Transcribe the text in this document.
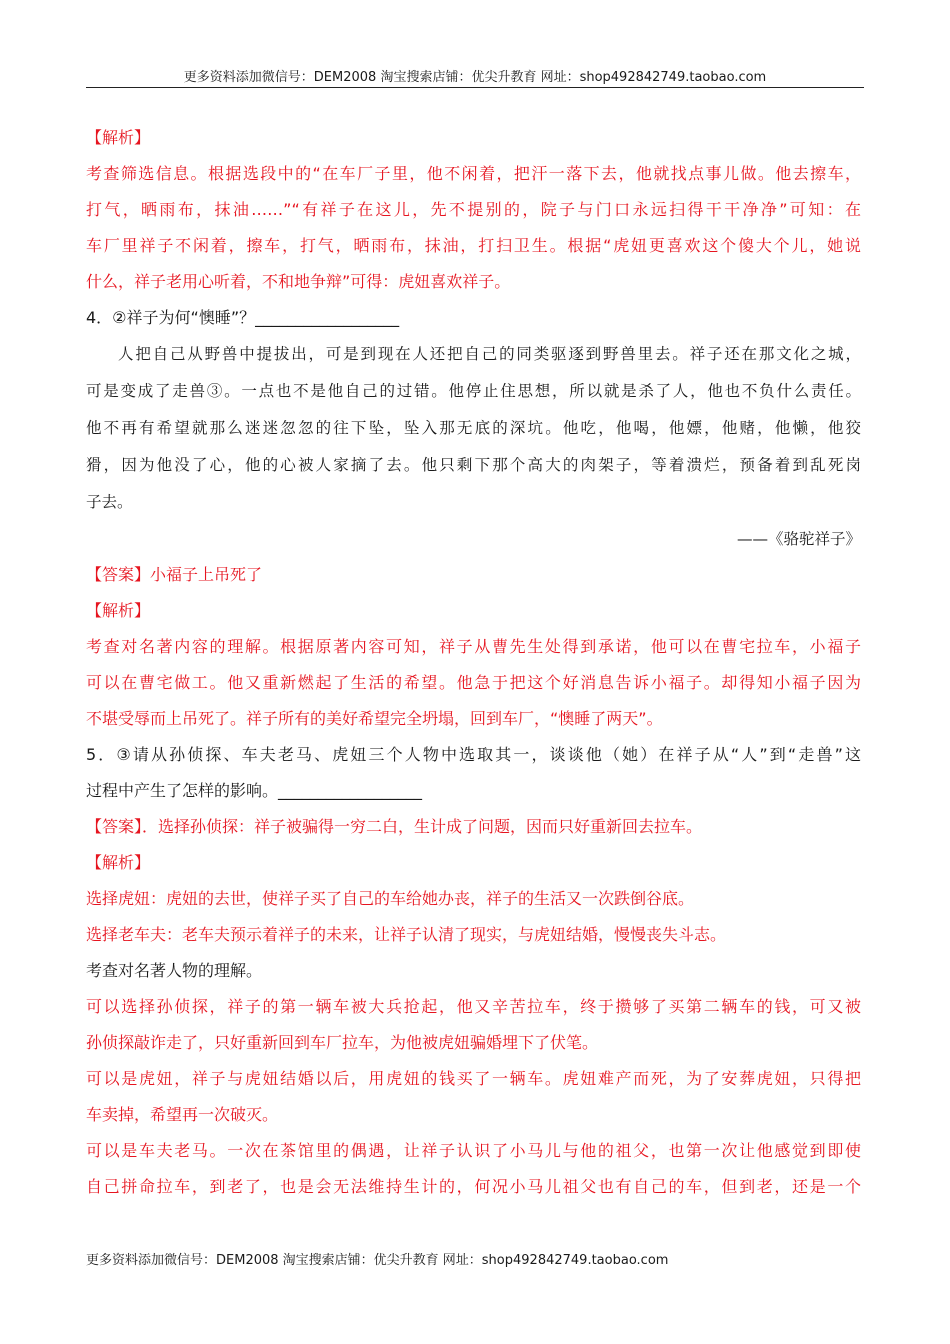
更多资料添加微信号：DEM2008 淘宝搜索店铺：优尖升教育 网址：shop492842749.taobao.com
【解析】
考查筛选信息。根据选段中的“在车厂子里，他不闲着，把汗一落下去，他就找点事儿做。他去擦车，
打气，晒雨布，抹油……”“有祥子在这儿，先不提别的，院子与门口永远扫得干干净净”可知：在
车厂里祥子不闲着，擦车，打气，晒雨布，抹油，打扫卫生。根据“虎妞更喜欢这个傻大个儿，她说
什么，祥子老用心听着，不和地争辩”可得：虎妞喜欢祥子。
4．②祥子为何“懊睡”？__________________
人把自己从野兽中提拔出，可是到现在人还把自己的同类驱逐到野兽里去。祥子还在那文化之城，
可是变成了走兽③。一点也不是他自己的过错。他停止住思想，所以就是杀了人，他也不负什么责任。
他不再有希望就那么迷迷忽忽的往下坠，坠入那无底的深坑。他吃，他喝，他嫖，他赌，他懒，他狡
猾，因为他没了心，他的心被人家摘了去。他只剩下那个高大的肉架子，等着溃烂，预备着到乱死岗
子去。
——《骆驼祥子》
【答案】小福子上吊死了
【解析】
考查对名著内容的理解。根据原著内容可知，祥子从曹先生处得到承诺，他可以在曹宅拉车，小福子
可以在曹宅做工。他又重新燃起了生活的希望。他急于把这个好消息告诉小福子。却得知小福子因为
不堪受辱而上吊死了。祥子所有的美好希望完全坍塌，回到车厂，“懊睡了两天”。
5．③请从孙侦探、车夫老马、虎妞三个人物中选取其一，谈谈他（她）在祥子从“人”到“走兽”这
过程中产生了怎样的影响。__________________
【答案】．选择孙侦探：祥子被骗得一穷二白，生计成了问题，因而只好重新回去拉车。
【解析】
选择虎妞：虎妞的去世，使祥子买了自己的车给她办丧，祥子的生活又一次跌倒谷底。
选择老车夫：老车夫预示着祥子的未来，让祥子认清了现实，与虎妞结婚，慢慢丧失斗志。
考查对名著人物的理解。
可以选择孙侦探，祥子的第一辆车被大兵抢起，他又辛苦拉车，终于攒够了买第二辆车的钱，可又被
孙侦探敲诈走了，只好重新回到车厂拉车，为他被虎妞骗婚埋下了伏笔。
可以是虎妞，祥子与虎妞结婚以后，用虎妞的钱买了一辆车。虎妞难产而死，为了安葬虎妞，只得把
车卖掉，希望再一次破灭。
可以是车夫老马。一次在茶馆里的偶遇，让祥子认识了小马儿与他的祖父，也第一次让他感觉到即使
自己拼命拉车，到老了，也是会无法维持生计的，何况小马儿祖父也有自己的车，但到老，还是一个
更多资料添加微信号：DEM2008 淘宝搜索店铺：优尖升教育 网址：shop492842749.taobao.com
